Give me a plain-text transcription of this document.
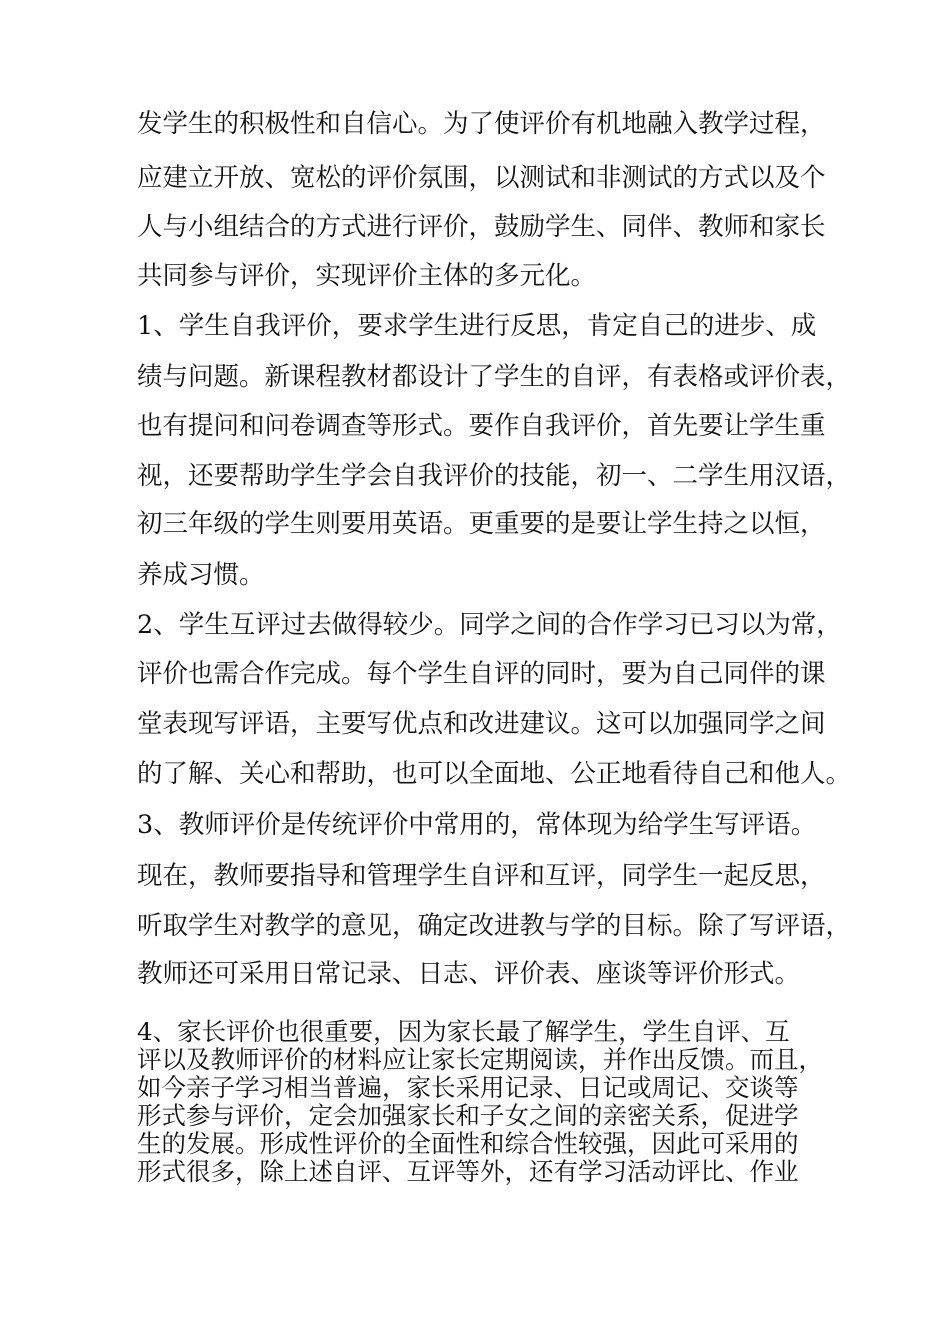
发学生的积极性和自信心。为了使评价有机地融入教学过程，

应建立开放、宽松的评价氛围，以测试和非测试的方式以及个

人与小组结合的方式进行评价，鼓励学生、同伴、教师和家长

共同参与评价，实现评价主体的多元化。

1、学生自我评价，要求学生进行反思，肯定自己的进步、成

绩与问题。新课程教材都设计了学生的自评，有表格或评价表，

也有提问和问卷调查等形式。要作自我评价，首先要让学生重

视，还要帮助学生学会自我评价的技能，初一、二学生用汉语，

初三年级的学生则要用英语。更重要的是要让学生持之以恒，

养成习惯。

2、学生互评过去做得较少。同学之间的合作学习已习以为常，

评价也需合作完成。每个学生自评的同时，要为自己同伴的课

堂表现写评语，主要写优点和改进建议。这可以加强同学之间

的了解、关心和帮助，也可以全面地、公正地看待自己和他人。

3、教师评价是传统评价中常用的，常体现为给学生写评语。

现在，教师要指导和管理学生自评和互评，同学生一起反思，

听取学生对教学的意见，确定改进教与学的目标。除了写评语，

教师还可采用日常记录、日志、评价表、座谈等评价形式。

4、家长评价也很重要，因为家长最了解学生，学生自评、互

评以及教师评价的材料应让家长定期阅读，并作出反馈。而且，

如今亲子学习相当普遍，家长采用记录、日记或周记、交谈等

形式参与评价，定会加强家长和子女之间的亲密关系，促进学

生的发展。形成性评价的全面性和综合性较强，因此可采用的

形式很多，除上述自评、互评等外，还有学习活动评比、作业
